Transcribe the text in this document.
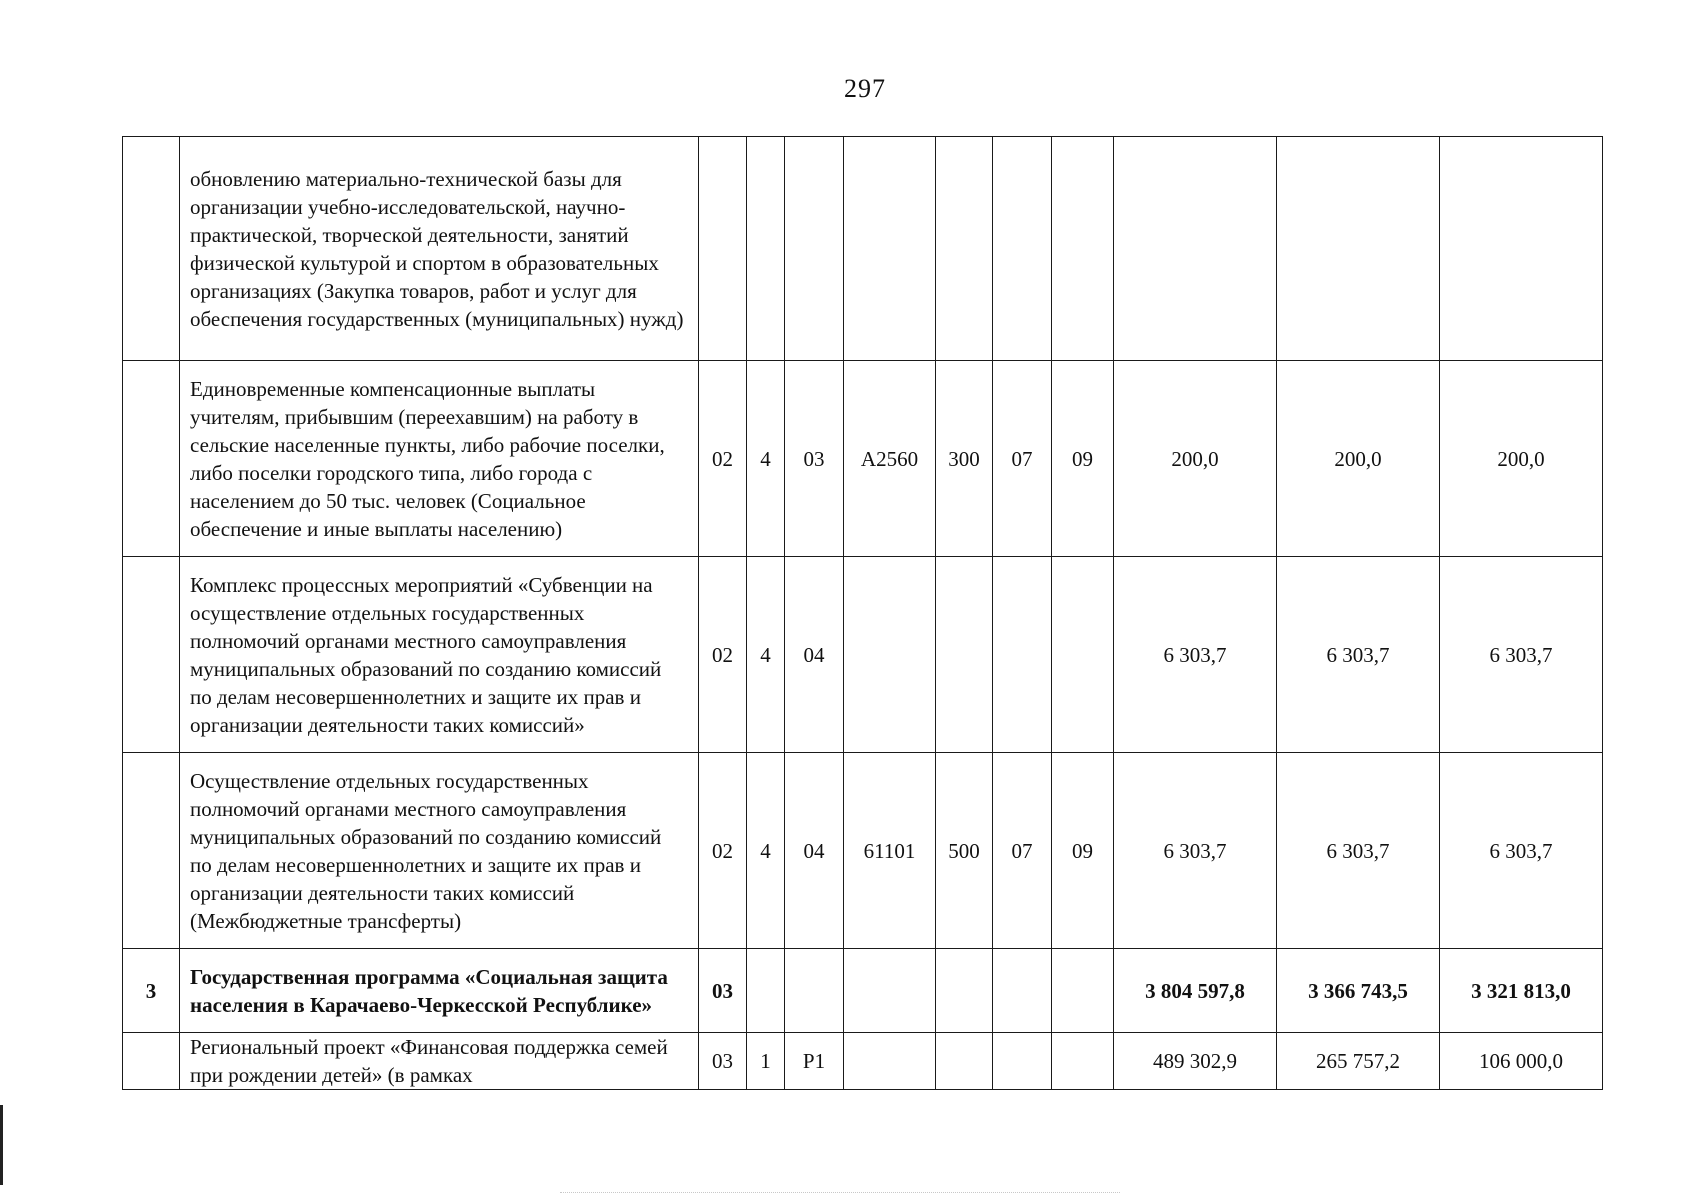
297
	обновлению материально-технической базы для организации учебно-исследовательской, научно-практической, творческой деятельности, занятий физической культурой и спортом в образовательных организациях (Закупка товаров, работ и услуг для обеспечения государственных (муниципальных) нужд)										
	Единовременные компенсационные выплаты учителям, прибывшим (переехавшим) на работу в сельские населенные пункты, либо рабочие поселки, либо поселки городского типа, либо города с населением до 50 тыс. человек (Социальное обеспечение и иные выплаты населению)	02	4	03	A2560	300	07	09	200,0	200,0	200,0
	Комплекс процессных мероприятий «Субвенции на осуществление отдельных государственных полномочий органами местного самоуправления муниципальных образований по созданию комиссий по делам несовершеннолетних и защите их прав и организации деятельности таких комиссий»	02	4	04					6 303,7	6 303,7	6 303,7
	Осуществление отдельных государственных полномочий органами местного самоуправления муниципальных образований по созданию комиссий по делам несовершеннолетних и защите их прав и организации деятельности таких комиссий (Межбюджетные трансферты)	02	4	04	61101	500	07	09	6 303,7	6 303,7	6 303,7
3	Государственная программа «Социальная защита населения в Карачаево-Черкесской Республике»	03							3 804 597,8	3 366 743,5	3 321 813,0
	Региональный проект «Финансовая поддержка семей при рождении детей» (в рамках	03	1	P1					489 302,9	265 757,2	106 000,0
